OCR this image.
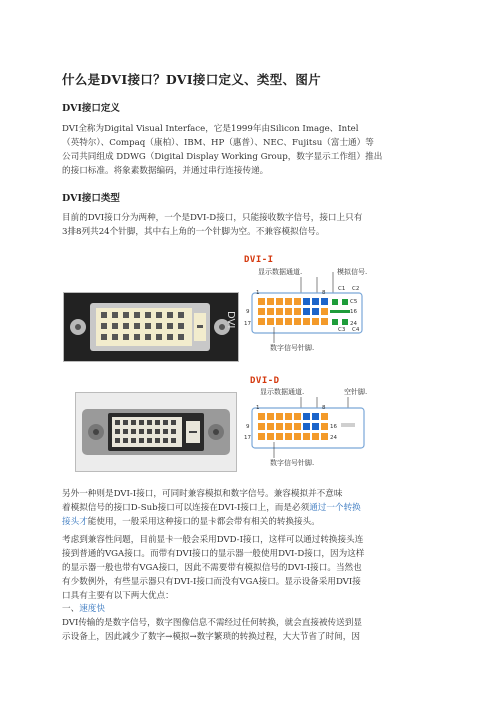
什么是DVI接口？DVI接口定义、类型、图片
DVI接口定义
DVI全称为Digital Visual Interface，它是1999年由Silicon Image、Intel
（英特尔）、Compaq（康柏）、IBM、HP（惠普）、NEC、Fujitsu（富士通）等
公司共同组成 DDWG（Digital Display Working Group，数字显示工作组）推出
的接口标准。将象素数据编码，并通过串行连接传递。
DVI接口类型
目前的DVI接口分为两种，一个是DVI-D接口，只能接收数字信号，接口上只有
3排8列共24个针脚，其中右上角的一个针脚为空。不兼容模拟信号。
DVI
DVI-I
显示数据通道.	模拟信号.
1	8
9	16
17	24
C1 C2
C5
C3 C4
数字信号针脚.
DVI-D
显示数据通道.	空针脚.
1	8
9	16
17	24
数字信号针脚.
另外一种则是DVI-I接口，可同时兼容模拟和数字信号。兼容模拟并不意味
着模拟信号的接口D-Sub接口可以连接在DVI-I接口上，而是必须通过一个转换
接头才能使用，一般采用这种接口的显卡都会带有相关的转换接头。
考虑到兼容性问题，目前显卡一般会采用DVD-I接口，这样可以通过转换接头连
接到普通的VGA接口。而带有DVI接口的显示器一般使用DVI-D接口，因为这样
的显示器一般也带有VGA接口，因此不需要带有模拟信号的DVI-I接口。当然也
有少数例外，有些显示器只有DVI-I接口而没有VGA接口。显示设备采用DVI接
口具有主要有以下两大优点：
一、速度快
DVI传输的是数字信号，数字图像信息不需经过任何转换，就会直接被传送到显
示设备上，因此减少了数字→模拟→数字繁琐的转换过程，大大节省了时间，因
